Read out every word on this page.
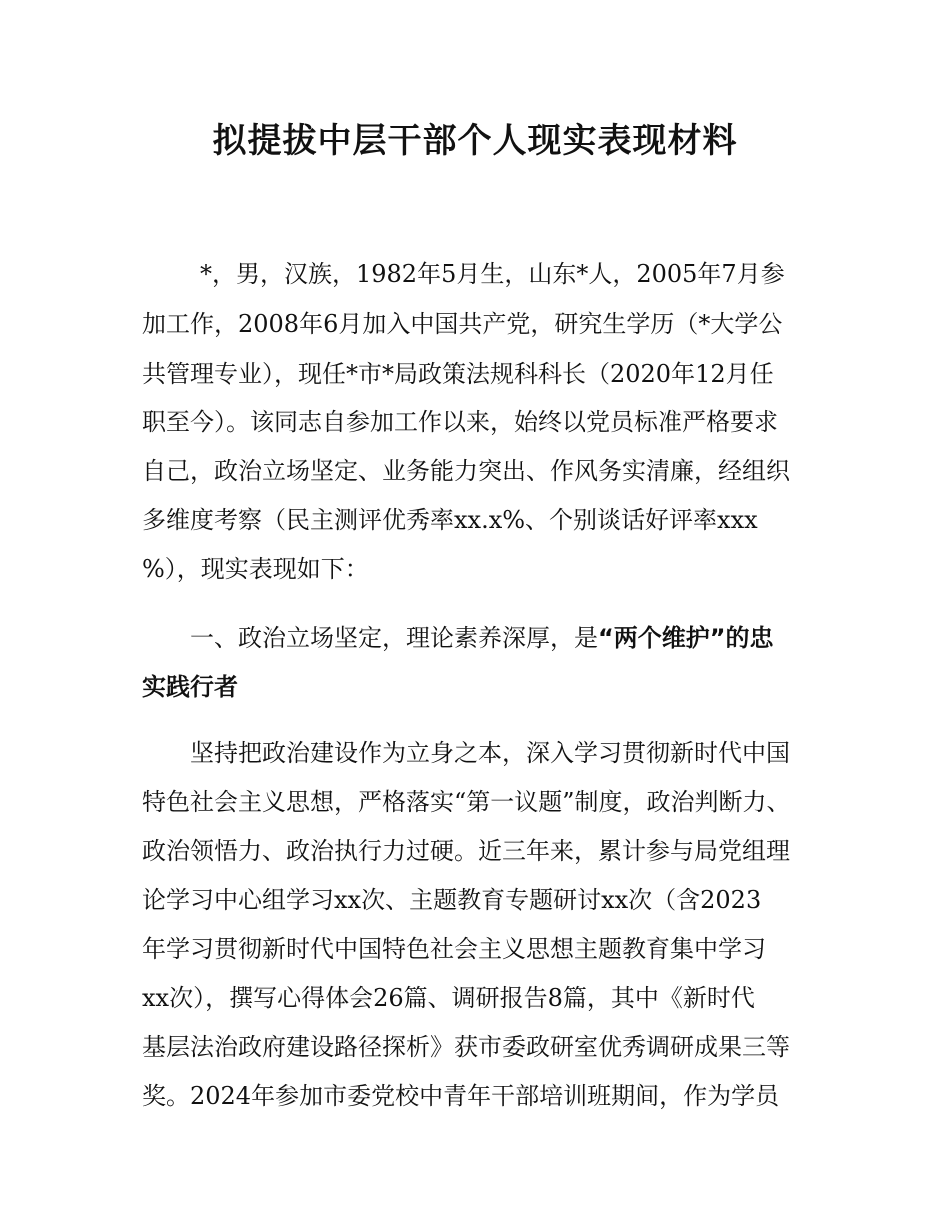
拟提拔中层干部个人现实表现材料
*，男，汉族，1982年5月生，山东*人，2005年7月参
加工作，2008年6月加入中国共产党，研究生学历（*大学公
共管理专业），现任*市*局政策法规科科长（2020年12月任
职至今）。该同志自参加工作以来，始终以党员标准严格要求
自己，政治立场坚定、业务能力突出、作风务实清廉，经组织
多维度考察（民主测评优秀率xx.x%、个别谈话好评率xxx
%），现实表现如下：
一、政治立场坚定，理论素养深厚，是“两个维护”的忠
实践行者
坚持把政治建设作为立身之本，深入学习贯彻新时代中国
特色社会主义思想，严格落实“第一议题”制度，政治判断力、
政治领悟力、政治执行力过硬。近三年来，累计参与局党组理
论学习中心组学习xx次、主题教育专题研讨xx次（含2023
年学习贯彻新时代中国特色社会主义思想主题教育集中学习
xx次），撰写心得体会26篇、调研报告8篇，其中《新时代
基层法治政府建设路径探析》获市委政研室优秀调研成果三等
奖。2024年参加市委党校中青年干部培训班期间，作为学员
